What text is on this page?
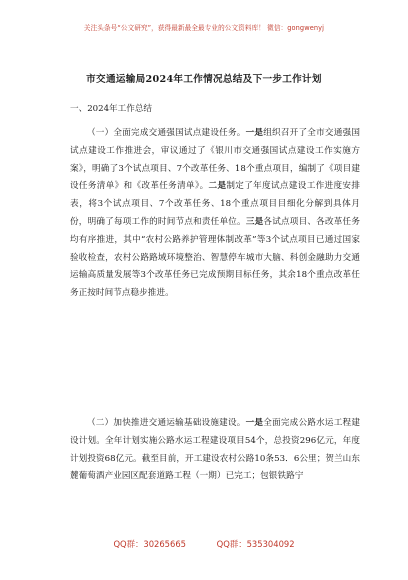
关注头条号“公文研究”，获得最新最全最专业的公文资料库！ 微信：gongwenyj
市交通运输局2024年工作情况总结及下一步工作计划
一、2024年工作总结

（一）全面完成交通强国试点建设任务。一是组织召开了全市交通强国试点建设工作推进会，审议通过了《银川市交通强国试点建设工作实施方案》，明确了3个试点项目、7个改革任务、18个重点项目，编制了《项目建设任务清单》和《改革任务清单》。二是制定了年度试点建设工作进度安排表，将3个试点项目、7个改革任务、18个重点项目目细化分解到具体月份，明确了每项工作的时间节点和责任单位。三是各试点项目、各改革任务均有序推进，其中“农村公路养护管理体制改革”等3个试点项目已通过国家验收检查，农村公路路域环境整治、智慧停车城市大脑、科创金融助力交通运输高质量发展等3个改革任务已完成预期目标任务，其余18个重点改革任务正按时间节点稳步推进。

（二）加快推进交通运输基础设施建设。一是全面完成公路水运工程建设计划。全年计划实施公路水运工程建设项目54个，总投资296亿元，年度计划投资68亿元。截至目前，开工建设农村公路10条53．6公里；贺兰山东麓葡萄酒产业园区配套道路工程（一期）已完工；包银铁路宁

QQ群：30265665	QQ群：535304092
